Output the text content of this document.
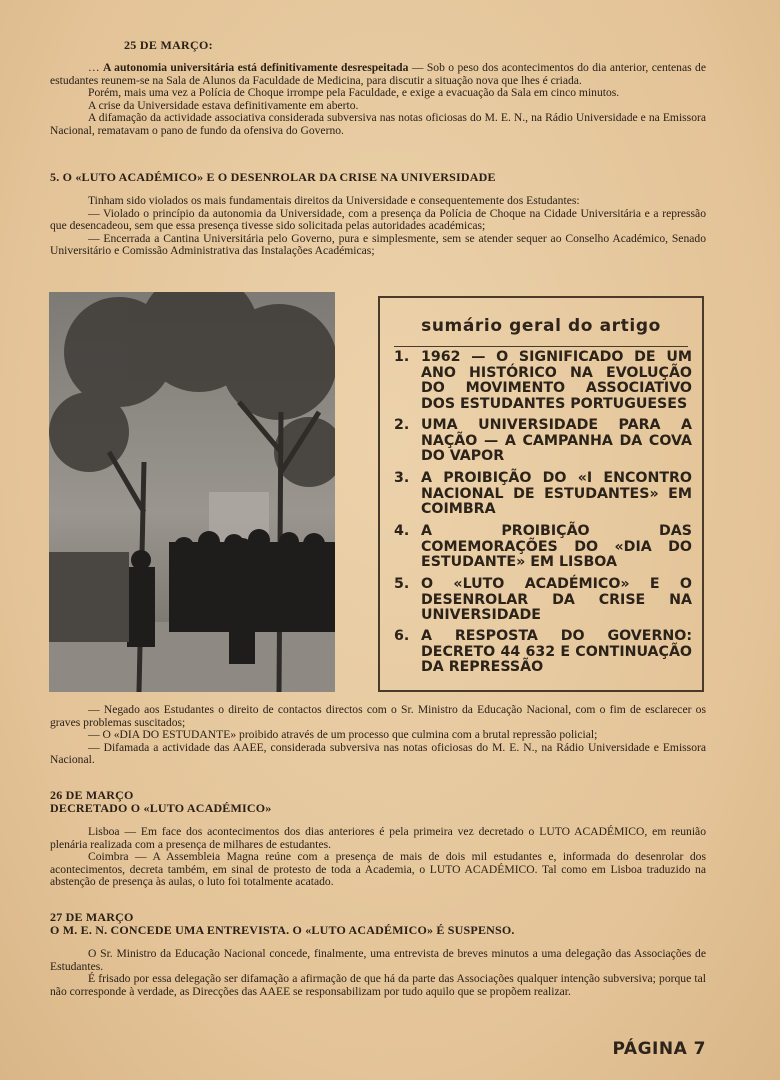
25 DE MARÇO:

… A autonomia universitária está definitivamente desrespeitada — Sob o peso dos acontecimentos do dia anterior, centenas de estudantes reunem-se na Sala de Alunos da Faculdade de Medicina, para discutir a situação nova que lhes é criada.

Porém, mais uma vez a Polícia de Choque irrompe pela Faculdade, e exige a evacuação da Sala em cinco minutos.

A crise da Universidade estava definitivamente em aberto.

A difamação da actividade associativa considerada subversiva nas notas oficiosas do M. E. N., na Rádio Universidade e na Emissora Nacional, rematavam o pano de fundo da ofensiva do Governo.

5. O «LUTO ACADÉMICO» E O DESENROLAR DA CRISE NA UNIVERSIDADE

Tinham sido violados os mais fundamentais direitos da Universidade e consequentemente dos Estudantes:

— Violado o princípio da autonomia da Universidade, com a presença da Polícia de Choque na Cidade Universitária e a repressão que desencadeou, sem que essa presença tivesse sido solicitada pelas autoridades académicas;

— Encerrada a Cantina Universitária pelo Governo, pura e simplesmente, sem se atender sequer ao Conselho Académico, Senado Universitário e Comissão Administrativa das Instalações Académicas;

sumário geral do artigo
1. 1962 — O SIGNIFICADO DE UM ANO HISTÓRICO NA EVOLUÇÃO DO MOVIMENTO ASSOCIATIVO DOS ESTUDANTES PORTUGUESES
2. UMA UNIVERSIDADE PARA A NAÇÃO — A CAMPANHA DA COVA DO VAPOR
3. A PROIBIÇÃO DO «I ENCONTRO NACIONAL DE ESTUDANTES» EM COIMBRA
4. A PROIBIÇÃO DAS COMEMORAÇÕES DO «DIA DO ESTUDANTE» EM LISBOA
5. O «LUTO ACADÉMICO» E O DESENROLAR DA CRISE NA UNIVERSIDADE
6. A RESPOSTA DO GOVERNO: DECRETO 44 632 E CONTINUAÇÃO DA REPRESSÃO

— Negado aos Estudantes o direito de contactos directos com o Sr. Ministro da Educação Nacional, com o fim de esclarecer os graves problemas suscitados;

— O «DIA DO ESTUDANTE» proibido através de um processo que culmina com a brutal repressão policial;

— Difamada a actividade das AAEE, considerada subversiva nas notas oficiosas do M. E. N., na Rádio Universidade e Emissora Nacional.

26 DE MARÇO
DECRETADO O «LUTO ACADÉMICO»

Lisboa — Em face dos acontecimentos dos dias anteriores é pela primeira vez decretado o LUTO ACADÉMICO, em reunião plenária realizada com a presença de milhares de estudantes.

Coimbra — A Assembleia Magna reúne com a presença de mais de dois mil estudantes e, informada do desenrolar dos acontecimentos, decreta também, em sinal de protesto de toda a Academia, o LUTO ACADÉMICO. Tal como em Lisboa traduzido na abstenção de presença às aulas, o luto foi totalmente acatado.

27 DE MARÇO
O M. E. N. CONCEDE UMA ENTREVISTA. O «LUTO ACADÉMICO» É SUSPENSO.

O Sr. Ministro da Educação Nacional concede, finalmente, uma entrevista de breves minutos a uma delegação das Associações de Estudantes.

É frisado por essa delegação ser difamação a afirmação de que há da parte das Associações qualquer intenção subversiva; porque tal não corresponde à verdade, as Direcções das AAEE se responsabilizam por tudo aquilo que se propõem realizar.

PÁGINA 7
